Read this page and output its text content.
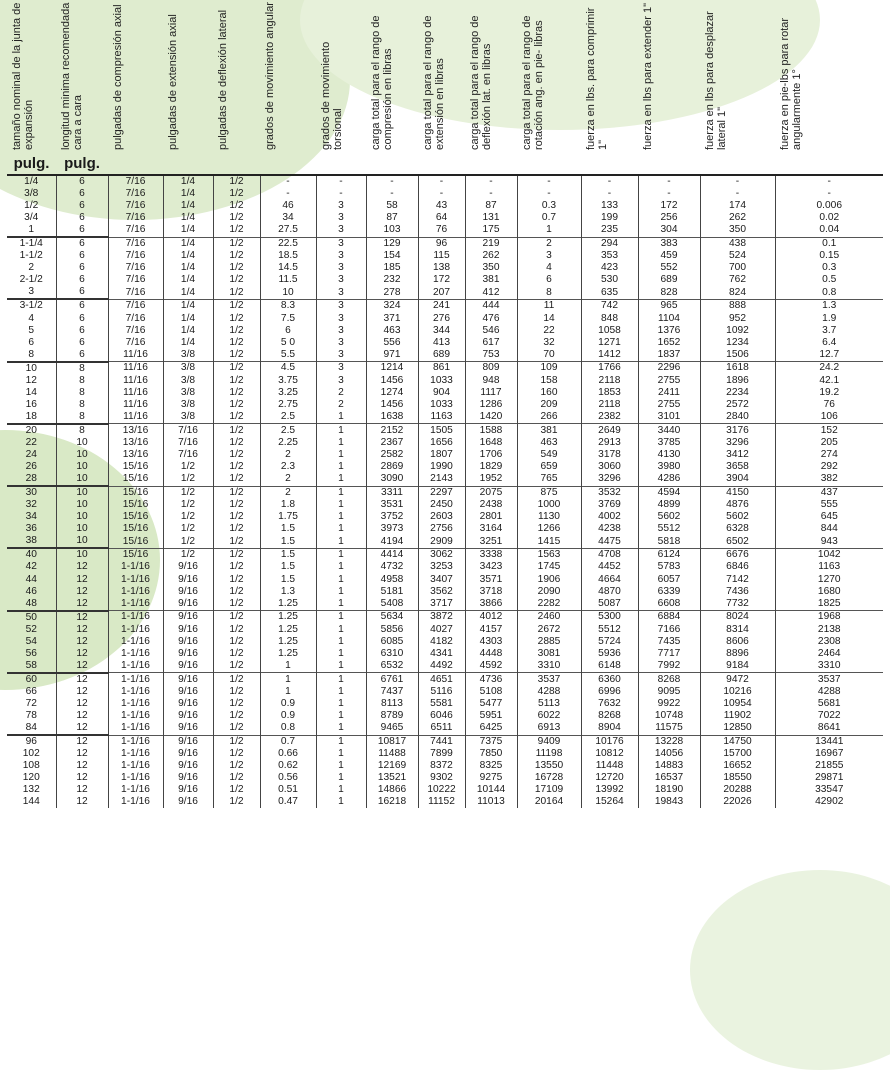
tamaño nominal de la junta de expansión	longitud minima recomendada cara a cara	pulgadas de compresión axial	pulgadas de extensión axial	pulgadas de deflexión lateral	grados de movimiento angular	grados de movimiento torsional	carga total para el rango de compresión en libras	carga total para el rango de extensión en libras	carga total para el rango de deflexión lat. en libras	carga total para el rango de rotación ang. en pie- libras	fuerza en lbs. para comprimir 1"	fuerza en lbs para extender 1"	fuerza en lbs para desplazar lateral 1"	fuerza en pie-lbs para rotar angularmente 1°

pulg.	pulg.													
1/4	6	7/16	1/4	1/2	-	-	-	-	-	-	-	-	-	-
3/8	6	7/16	1/4	1/2	-	-	-	-	-	-	-	-	-	-
1/2	6	7/16	1/4	1/2	46	3	58	43	87	0.3	133	172	174	0.006
3/4	6	7/16	1/4	1/2	34	3	87	64	131	0.7	199	256	262	0.02
1	6	7/16	1/4	1/2	27.5	3	103	76	175	1	235	304	350	0.04
1-1/4	6	7/16	1/4	1/2	22.5	3	129	96	219	2	294	383	438	0.1
1-1/2	6	7/16	1/4	1/2	18.5	3	154	115	262	3	353	459	524	0.15
2	6	7/16	1/4	1/2	14.5	3	185	138	350	4	423	552	700	0.3
2-1/2	6	7/16	1/4	1/2	11.5	3	232	172	381	6	530	689	762	0.5
3	6	7/16	1/4	1/2	10	3	278	207	412	8	635	828	824	0.8
3-1/2	6	7/16	1/4	1/2	8.3	3	324	241	444	11	742	965	888	1.3
4	6	7/16	1/4	1/2	7.5	3	371	276	476	14	848	1104	952	1.9
5	6	7/16	1/4	1/2	6	3	463	344	546	22	1058	1376	1092	3.7
6	6	7/16	1/4	1/2	5 0	3	556	413	617	32	1271	1652	1234	6.4
8	6	11/16	3/8	1/2	5.5	3	971	689	753	70	1412	1837	1506	12.7
10	8	11/16	3/8	1/2	4.5	3	1214	861	809	109	1766	2296	1618	24.2
12	8	11/16	3/8	1/2	3.75	3	1456	1033	948	158	2118	2755	1896	42.1
14	8	11/16	3/8	1/2	3.25	2	1274	904	1117	160	1853	2411	2234	19.2
16	8	11/16	3/8	1/2	2.75	2	1456	1033	1286	209	2118	2755	2572	76
18	8	11/16	3/8	1/2	2.5	1	1638	1163	1420	266	2382	3101	2840	106
20	8	13/16	7/16	1/2	2.5	1	2152	1505	1588	381	2649	3440	3176	152
22	10	13/16	7/16	1/2	2.25	1	2367	1656	1648	463	2913	3785	3296	205
24	10	13/16	7/16	1/2	2	1	2582	1807	1706	549	3178	4130	3412	274
26	10	15/16	1/2	1/2	2.3	1	2869	1990	1829	659	3060	3980	3658	292
28	10	15/16	1/2	1/2	2	1	3090	2143	1952	765	3296	4286	3904	382
30	10	15/16	1/2	1/2	2	1	3311	2297	2075	875	3532	4594	4150	437
32	10	15/16	1/2	1/2	1.8	1	3531	2450	2438	1000	3769	4899	4876	555
34	10	15/16	1/2	1/2	1.75	1	3752	2603	2801	1130	4002	5602	5602	645
36	10	15/16	1/2	1/2	1.5	1	3973	2756	3164	1266	4238	5512	6328	844
38	10	15/16	1/2	1/2	1.5	1	4194	2909	3251	1415	4475	5818	6502	943
40	10	15/16	1/2	1/2	1.5	1	4414	3062	3338	1563	4708	6124	6676	1042
42	12	1-1/16	9/16	1/2	1.5	1	4732	3253	3423	1745	4452	5783	6846	1163
44	12	1-1/16	9/16	1/2	1.5	1	4958	3407	3571	1906	4664	6057	7142	1270
46	12	1-1/16	9/16	1/2	1.3	1	5181	3562	3718	2090	4870	6339	7436	1680
48	12	1-1/16	9/16	1/2	1.25	1	5408	3717	3866	2282	5087	6608	7732	1825
50	12	1-1/16	9/16	1/2	1.25	1	5634	3872	4012	2460	5300	6884	8024	1968
52	12	1-1/16	9/16	1/2	1.25	1	5856	4027	4157	2672	5512	7166	8314	2138
54	12	1-1/16	9/16	1/2	1.25	1	6085	4182	4303	2885	5724	7435	8606	2308
56	12	1-1/16	9/16	1/2	1.25	1	6310	4341	4448	3081	5936	7717	8896	2464
58	12	1-1/16	9/16	1/2	1	1	6532	4492	4592	3310	6148	7992	9184	3310
60	12	1-1/16	9/16	1/2	1	1	6761	4651	4736	3537	6360	8268	9472	3537
66	12	1-1/16	9/16	1/2	1	1	7437	5116	5108	4288	6996	9095	10216	4288
72	12	1-1/16	9/16	1/2	0.9	1	8113	5581	5477	5113	7632	9922	10954	5681
78	12	1-1/16	9/16	1/2	0.9	1	8789	6046	5951	6022	8268	10748	11902	7022
84	12	1-1/16	9/16	1/2	0.8	1	9465	6511	6425	6913	8904	11575	12850	8641
96	12	1-1/16	9/16	1/2	0.7	1	10817	7441	7375	9409	10176	13228	14750	13441
102	12	1-1/16	9/16	1/2	0.66	1	11488	7899	7850	11198	10812	14056	15700	16967
108	12	1-1/16	9/16	1/2	0.62	1	12169	8372	8325	13550	11448	14883	16652	21855
120	12	1-1/16	9/16	1/2	0.56	1	13521	9302	9275	16728	12720	16537	18550	29871
132	12	1-1/16	9/16	1/2	0.51	1	14866	10222	10144	17109	13992	18190	20288	33547
144	12	1-1/16	9/16	1/2	0.47	1	16218	11152	11013	20164	15264	19843	22026	42902
